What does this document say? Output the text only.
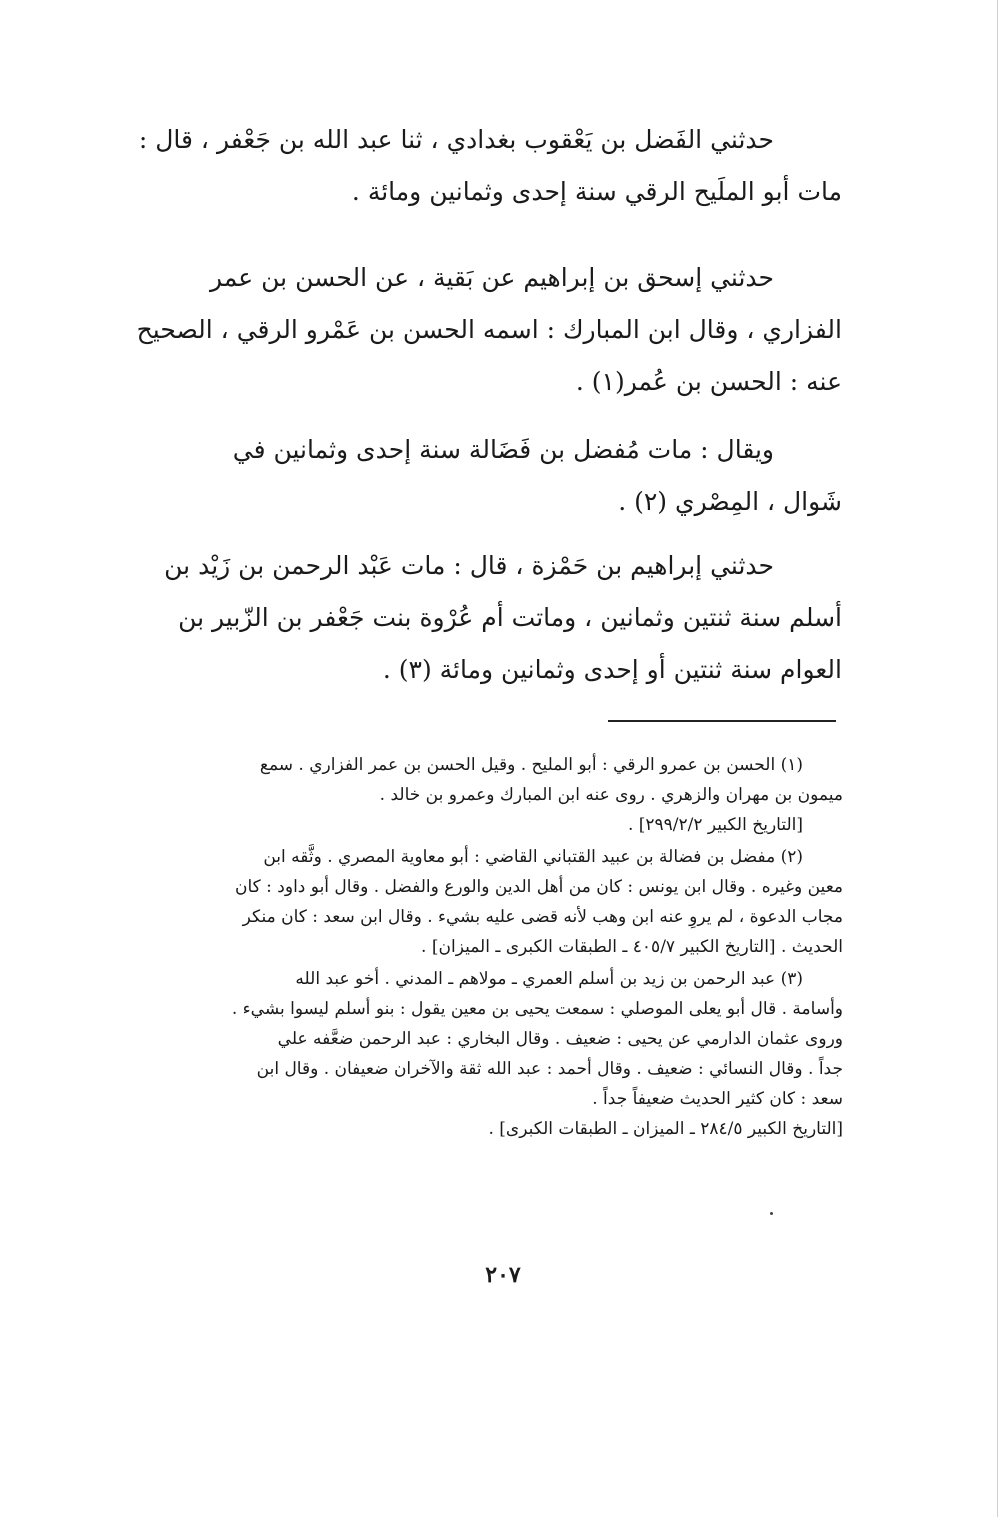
حدثني الفَضل بن يَعْقوب بغدادي ، ثنا عبد الله بن جَعْفر ، قال :
مات أبو الملَيح الرقي سنة إحدى وثمانين ومائة .
حدثني إسحق بن إبراهيم عن بَقية ، عن الحسن بن عمر
الفزاري ، وقال ابن المبارك : اسمه الحسن بن عَمْرو الرقي ، الصحيح
عنه : الحسن بن عُمر(١) .
ويقال : مات مُفضل بن فَضَالة سنة إحدى وثمانين في
شَوال ، المِصْري (٢) .
حدثني إبراهيم بن حَمْزة ، قال : مات عَبْد الرحمن بن زَيْد بن
أسلم سنة ثنتين وثمانين ، وماتت أم عُرْوة بنت جَعْفر بن الزّبير بن
العوام سنة ثنتين أو إحدى وثمانين ومائة (٣) .
(١) الحسن بن عمرو الرقي : أبو المليح . وقيل الحسن بن عمر الفزاري . سمع
ميمون بن مهران والزهري . روى عنه ابن المبارك وعمرو بن خالد .
[التاريخ الكبير ٢٩٩/٢/٢] .
(٢) مفضل بن فضالة بن عبيد القتباني القاضي : أبو معاوية المصري . وثَّقه ابن
معين وغيره . وقال ابن يونس : كان من أهل الدين والورع والفضل . وقال أبو داود : كان
مجاب الدعوة ، لم يروِ عنه ابن وهب لأنه قضى عليه بشيء . وقال ابن سعد : كان منكر
الحديث . [التاريخ الكبير ٤٠٥/٧ ـ الطبقات الكبرى ـ الميزان] .
(٣) عبد الرحمن بن زيد بن أسلم العمري ـ مولاهم ـ المدني . أخو عبد الله
وأسامة . قال أبو يعلى الموصلي : سمعت يحيى بن معين يقول : بنو أسلم ليسوا بشيء .
وروى عثمان الدارمي عن يحيى : ضعيف . وقال البخاري : عبد الرحمن ضعَّفه علي
جداً . وقال النسائي : ضعيف . وقال أحمد : عبد الله ثقة والآخران ضعيفان . وقال ابن
سعد : كان كثير الحديث ضعيفاً جداً .
[التاريخ الكبير ٢٨٤/٥ ـ الميزان ـ الطبقات الكبرى] .
٢٠٧
